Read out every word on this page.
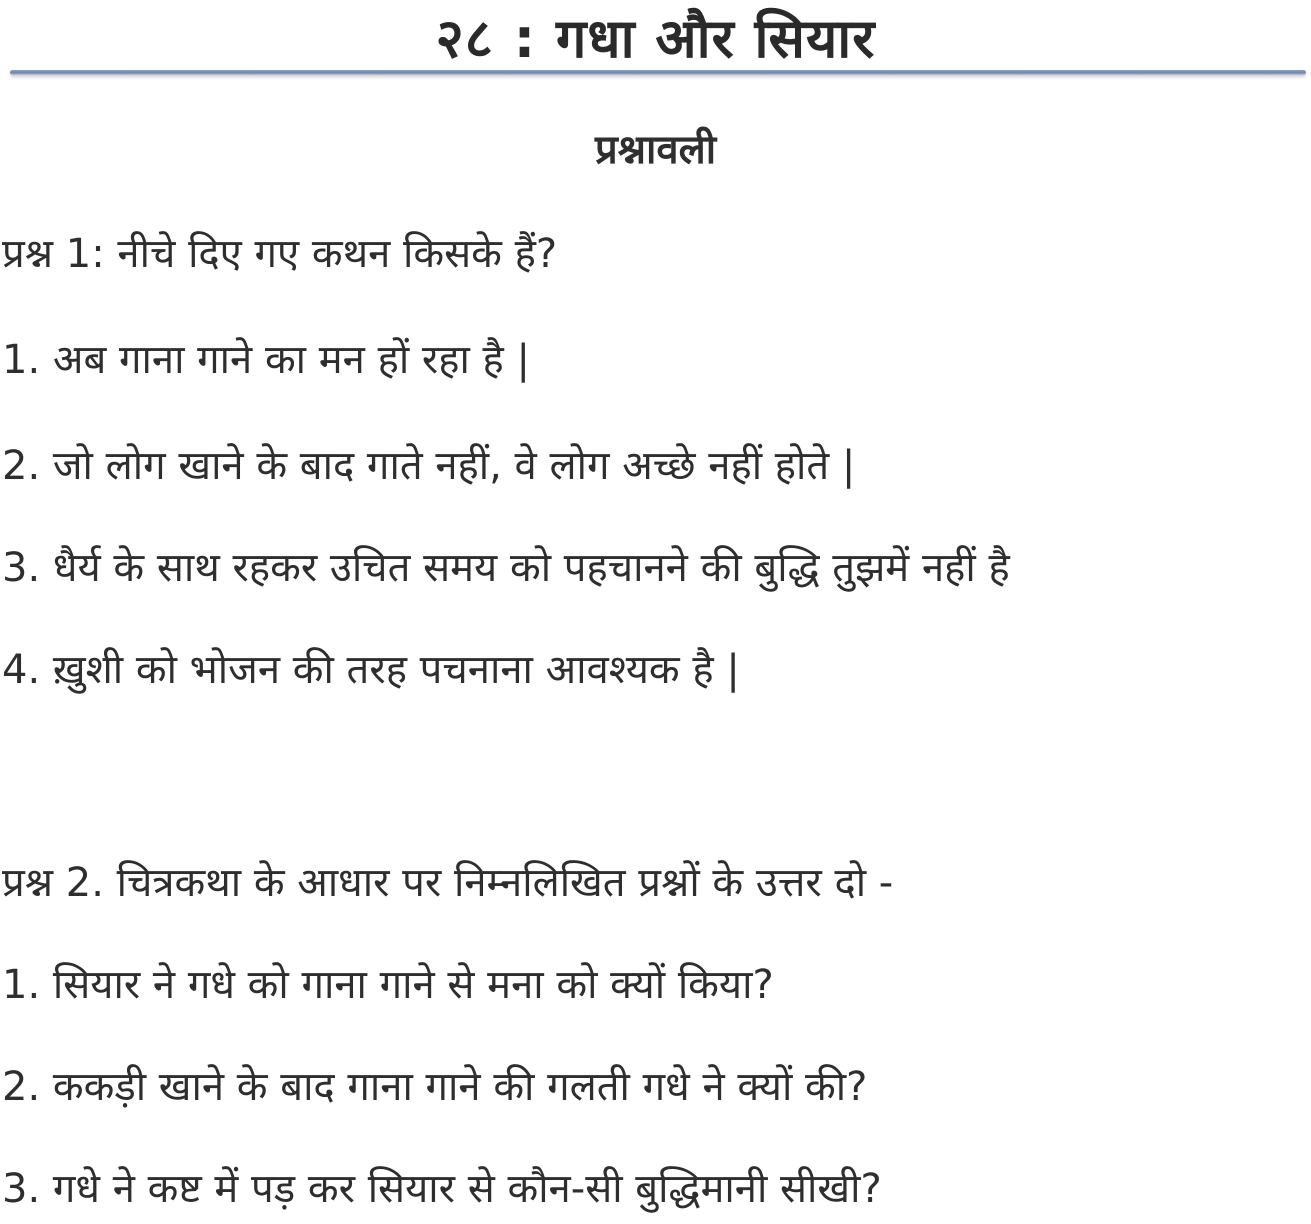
२८ : गधा और सियार
प्रश्नावली
प्रश्न 1: नीचे दिए गए कथन किसके हैं?
1. अब गाना गाने का मन हों रहा है |
2. जो लोग खाने के बाद गाते नहीं, वे लोग अच्छे नहीं होते |
3. धैर्य के साथ रहकर उचित समय को पहचानने की बुद्धि तुझमें नहीं है
4. ख़ुशी को भोजन की तरह पचनाना आवश्यक है |
प्रश्न 2. चित्रकथा के आधार पर निम्नलिखित प्रश्नों के उत्तर दो -
1. सियार ने गधे को गाना गाने से मना को क्यों किया?
2. ककड़ी खाने के बाद गाना गाने की गलती गधे ने क्यों की?
3. गधे ने कष्ट में पड़ कर सियार से कौन-सी बुद्धिमानी सीखी?
